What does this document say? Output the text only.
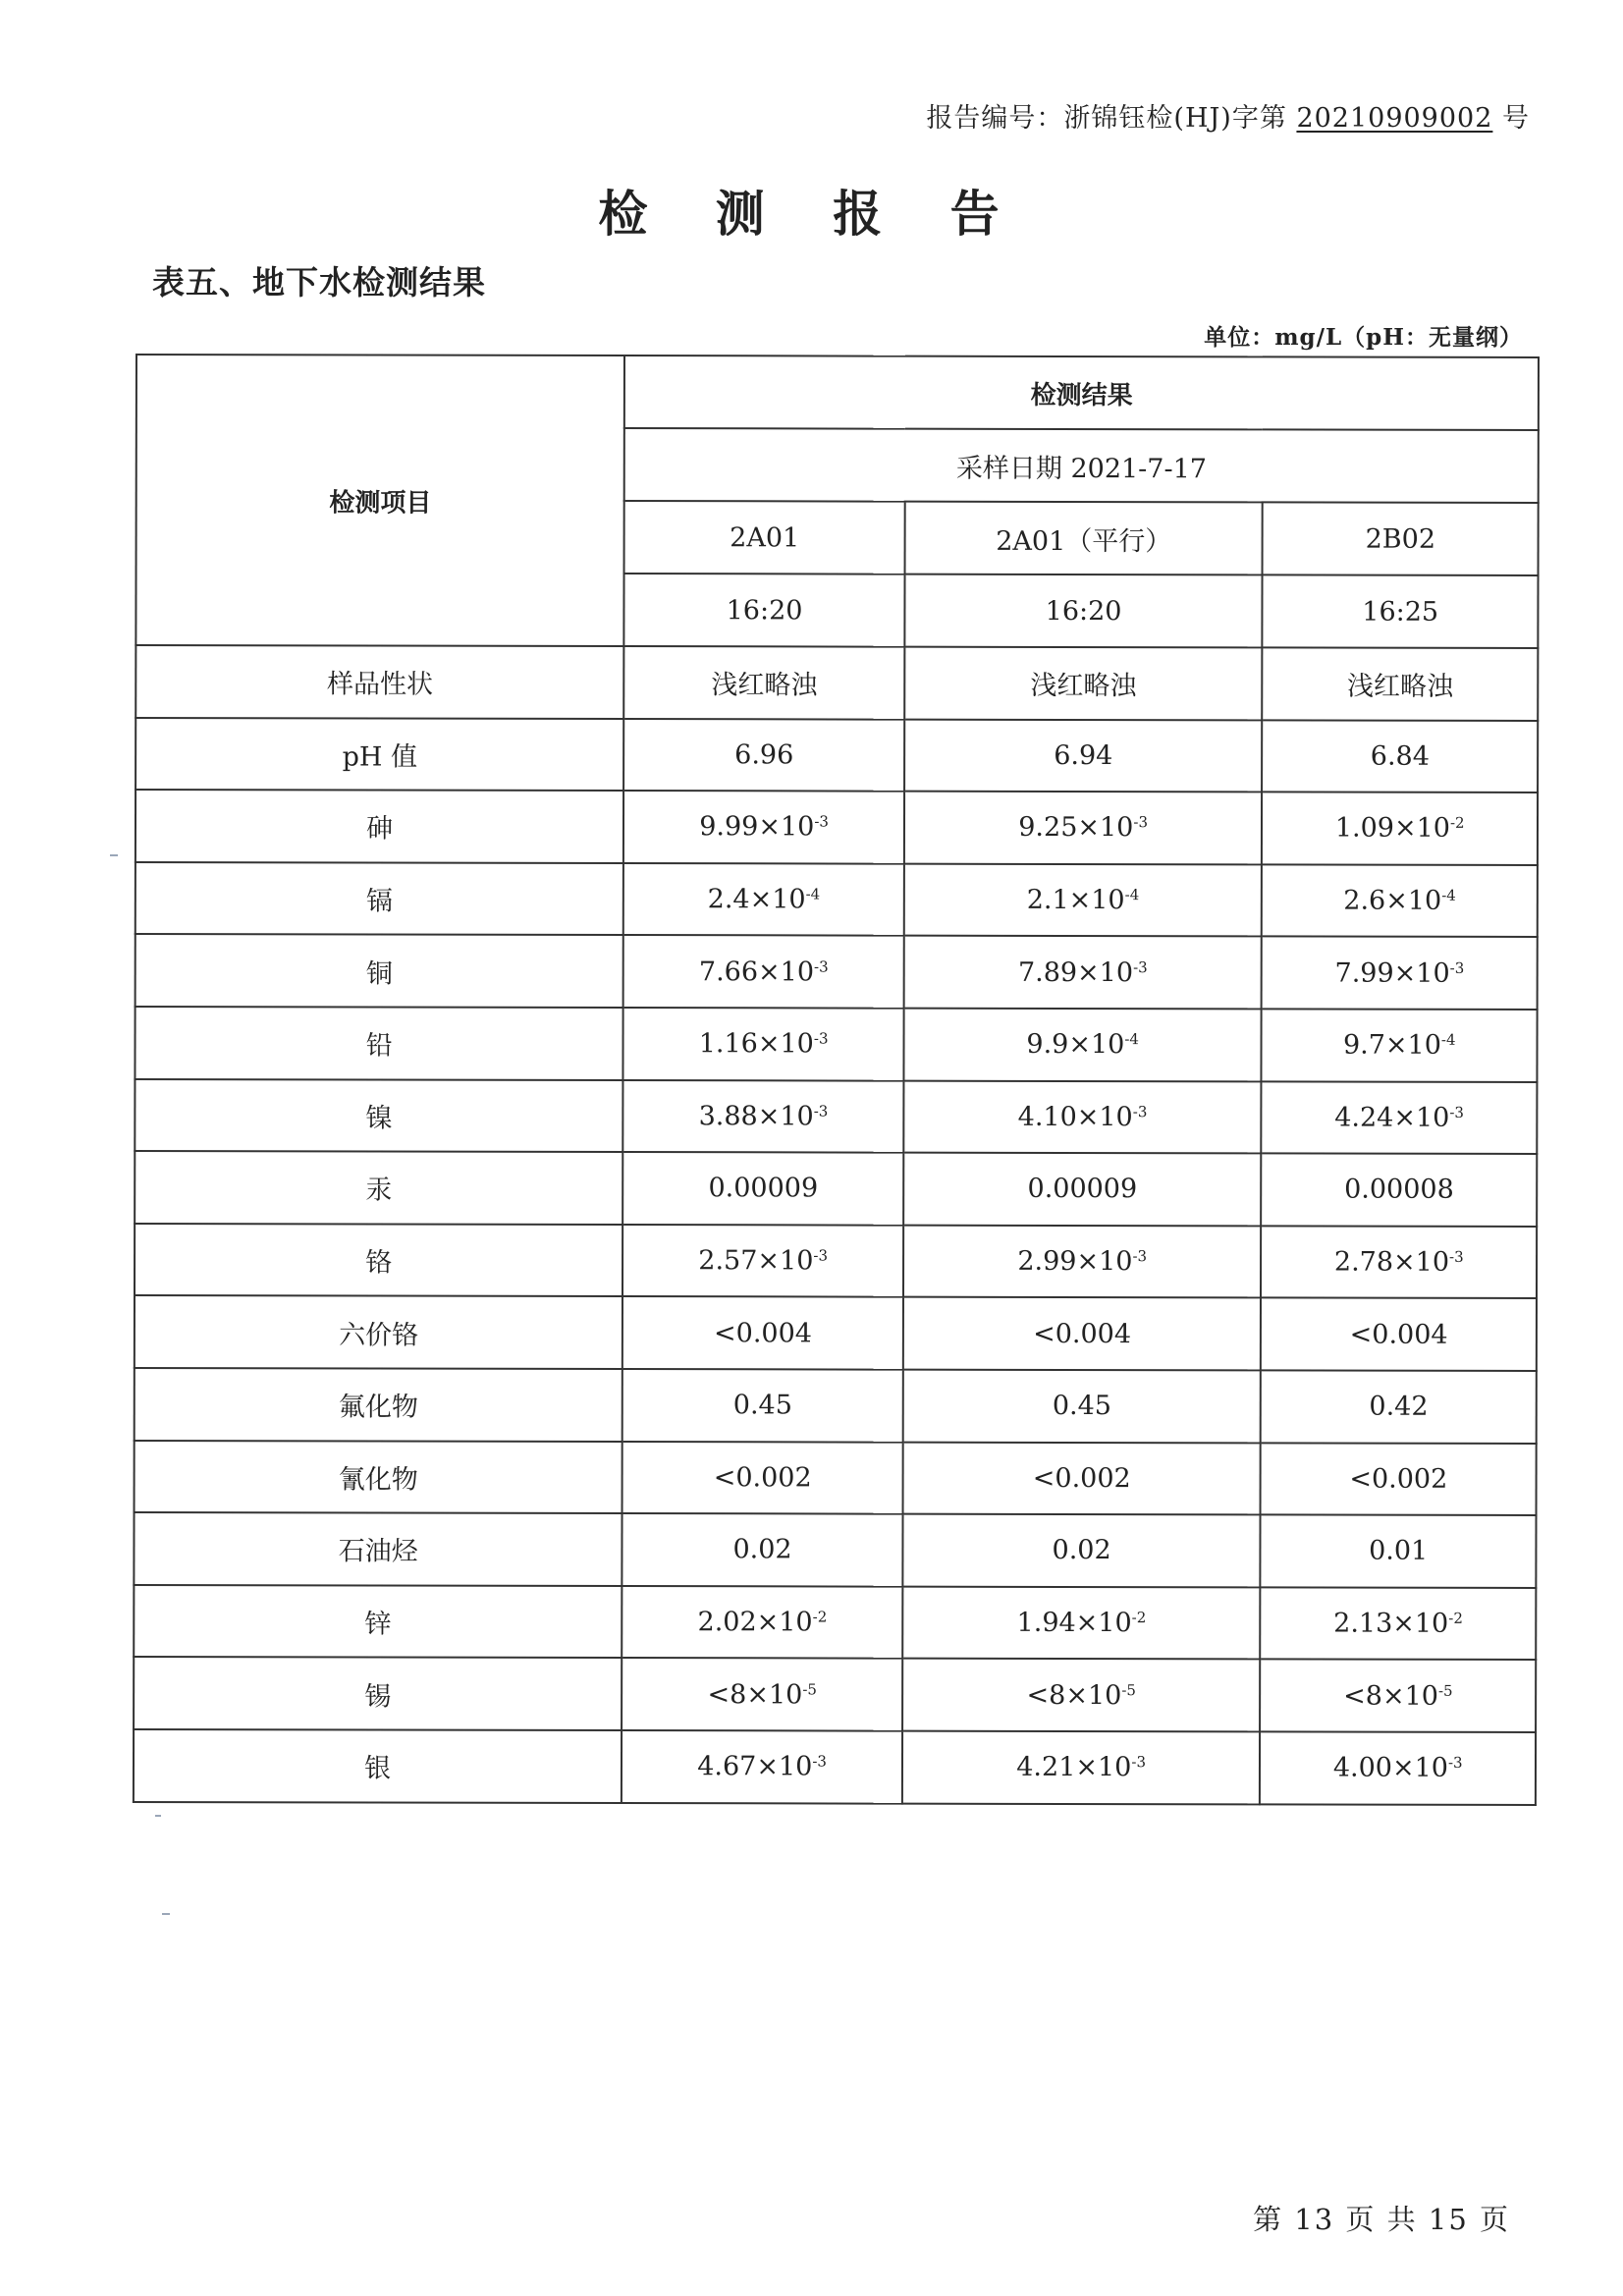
报告编号：浙锦钰检(HJ)字第 20210909002 号
检 测 报 告
表五、地下水检测结果
单位：mg/L（pH：无量纲）
检测项目	检测结果		
	采样日期 2021-7-17		
	2A01	2A01（平行）	2B02
	16:20	16:20	16:25
样品性状	浅红略浊	浅红略浊	浅红略浊
pH 值	6.96	6.94	6.84
砷	$9.99\times 10^{-3}$	$9.25\times 10^{-3}$	$1.09\times 10^{-2}$
镉	$2.4\times 10^{-4}$	$2.1\times 10^{-4}$	$2.6\times 10^{-4}$
铜	$7.66\times 10^{-3}$	$7.89\times 10^{-3}$	$7.99\times 10^{-3}$
铅	$1.16\times 10^{-3}$	$9.9\times 10^{-4}$	$9.7\times 10^{-4}$
镍	$3.88\times 10^{-3}$	$4.10\times 10^{-3}$	$4.24\times 10^{-3}$
汞	0.00009	0.00009	0.00008
铬	$2.57\times 10^{-3}$	$2.99\times 10^{-3}$	$2.78\times 10^{-3}$
六价铬	<0.004	<0.004	<0.004
氟化物	0.45	0.45	0.42
氰化物	<0.002	<0.002	<0.002
石油烃	0.02	0.02	0.01
锌	$2.02\times 10^{-2}$	$1.94\times 10^{-2}$	$2.13\times 10^{-2}$
锡	$<8\times 10^{-5}$	$<8\times 10^{-5}$	$<8\times 10^{-5}$
银	$4.67\times 10^{-3}$	$4.21\times 10^{-3}$	$4.00\times 10^{-3}$
第 13 页 共 15 页
